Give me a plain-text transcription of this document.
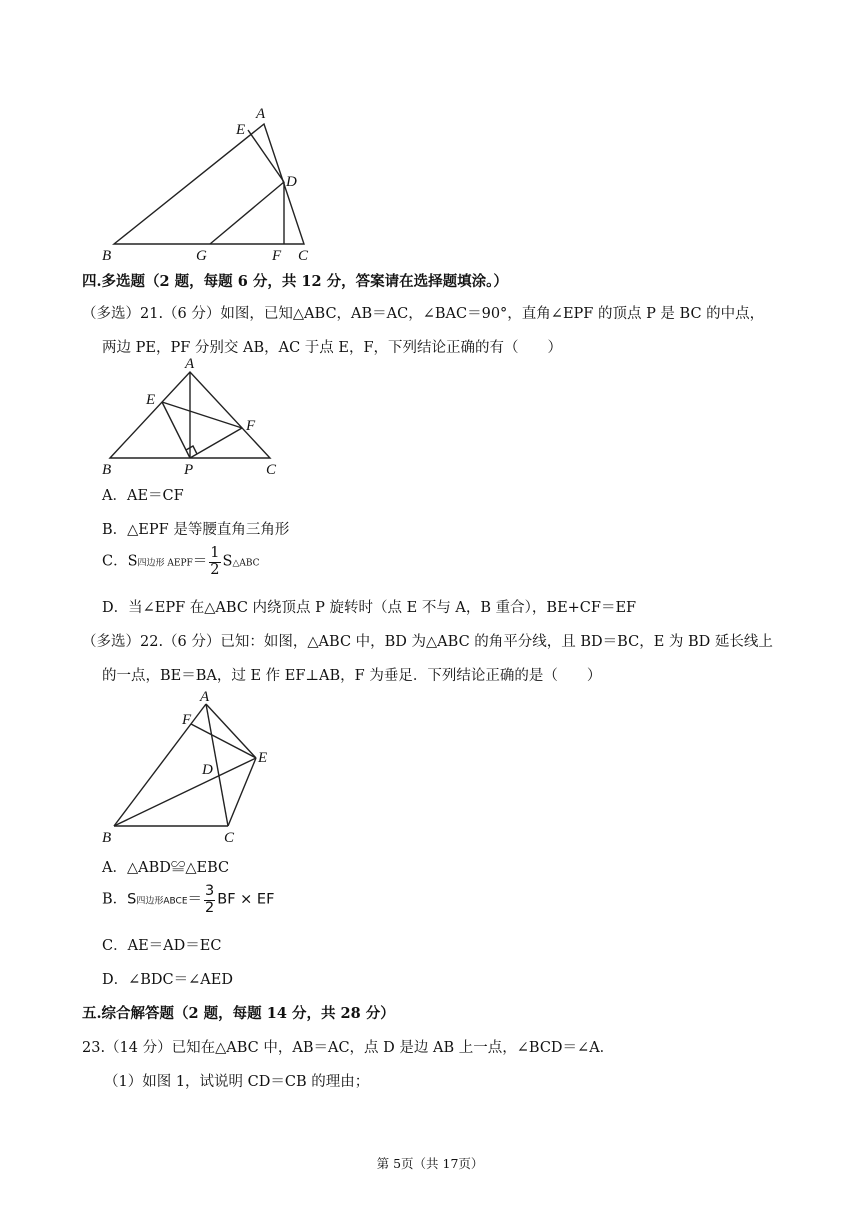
A
E
D
B	G	F C
四.多选题（2 题，每题 6 分，共 12 分，答案请在选择题填涂。）
（多选）21.（6 分）如图，已知△ABC，AB＝AC，∠BAC＝90°，直角∠EPF 的顶点 P 是 BC 的中点，
两边 PE，PF 分别交 AB，AC 于点 E，F，下列结论正确的有（　　）
A
E
F
B	P	C
A．AE＝CF
B．△EPF 是等腰直角三角形
C．S四边形 AEPF＝ $\frac{1}{2}$ S△ABC
D．当∠EPF 在△ABC 内绕顶点 P 旋转时（点 E 不与 A，B 重合），BE+CF＝EF
（多选）22.（6 分）已知：如图，△ABC 中，BD 为△ABC 的角平分线，且 BD＝BC，E 为 BD 延长线上
的一点，BE＝BA，过 E 作 EF⊥AB，F 为垂足．下列结论正确的是（　　）
A
F
E
D
B	C
A．△ABD≌△EBC
B．S四边形ABCE＝ $\frac{3}{2}$ BF × EF
C．AE＝AD＝EC
D．∠BDC＝∠AED
五.综合解答题（2 题，每题 14 分，共 28 分）
23.（14 分）已知在△ABC 中，AB＝AC，点 D 是边 AB 上一点，∠BCD＝∠A．
（1）如图 1，试说明 CD＝CB 的理由；
第 5页（共 17页）
